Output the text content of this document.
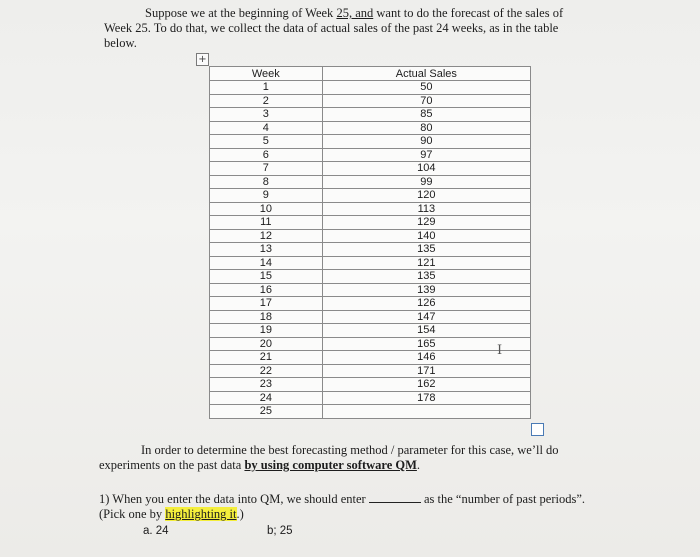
Suppose we at the beginning of Week 25, and want to do the forecast of the sales of
Week 25. To do that, we collect the data of actual sales of the past 24 weeks, as in the table
below.
+
Week	Actual Sales
1	50
2	70
3	85
4	80
5	90
6	97
7	104
8	99
9	120
10	113
11	129
12	140
13	135
14	121
15	135
16	139
17	126
18	147
19	154
20	165
21	146
22	171
23	162
24	178
25	
I
In order to determine the best forecasting method / parameter for this case, we’ll do
experiments on the past data by using computer software QM.
1) When you enter the data into QM, we should enter	as the “number of past periods”.
(Pick one by highlighting it.)
a. 24	b; 25
